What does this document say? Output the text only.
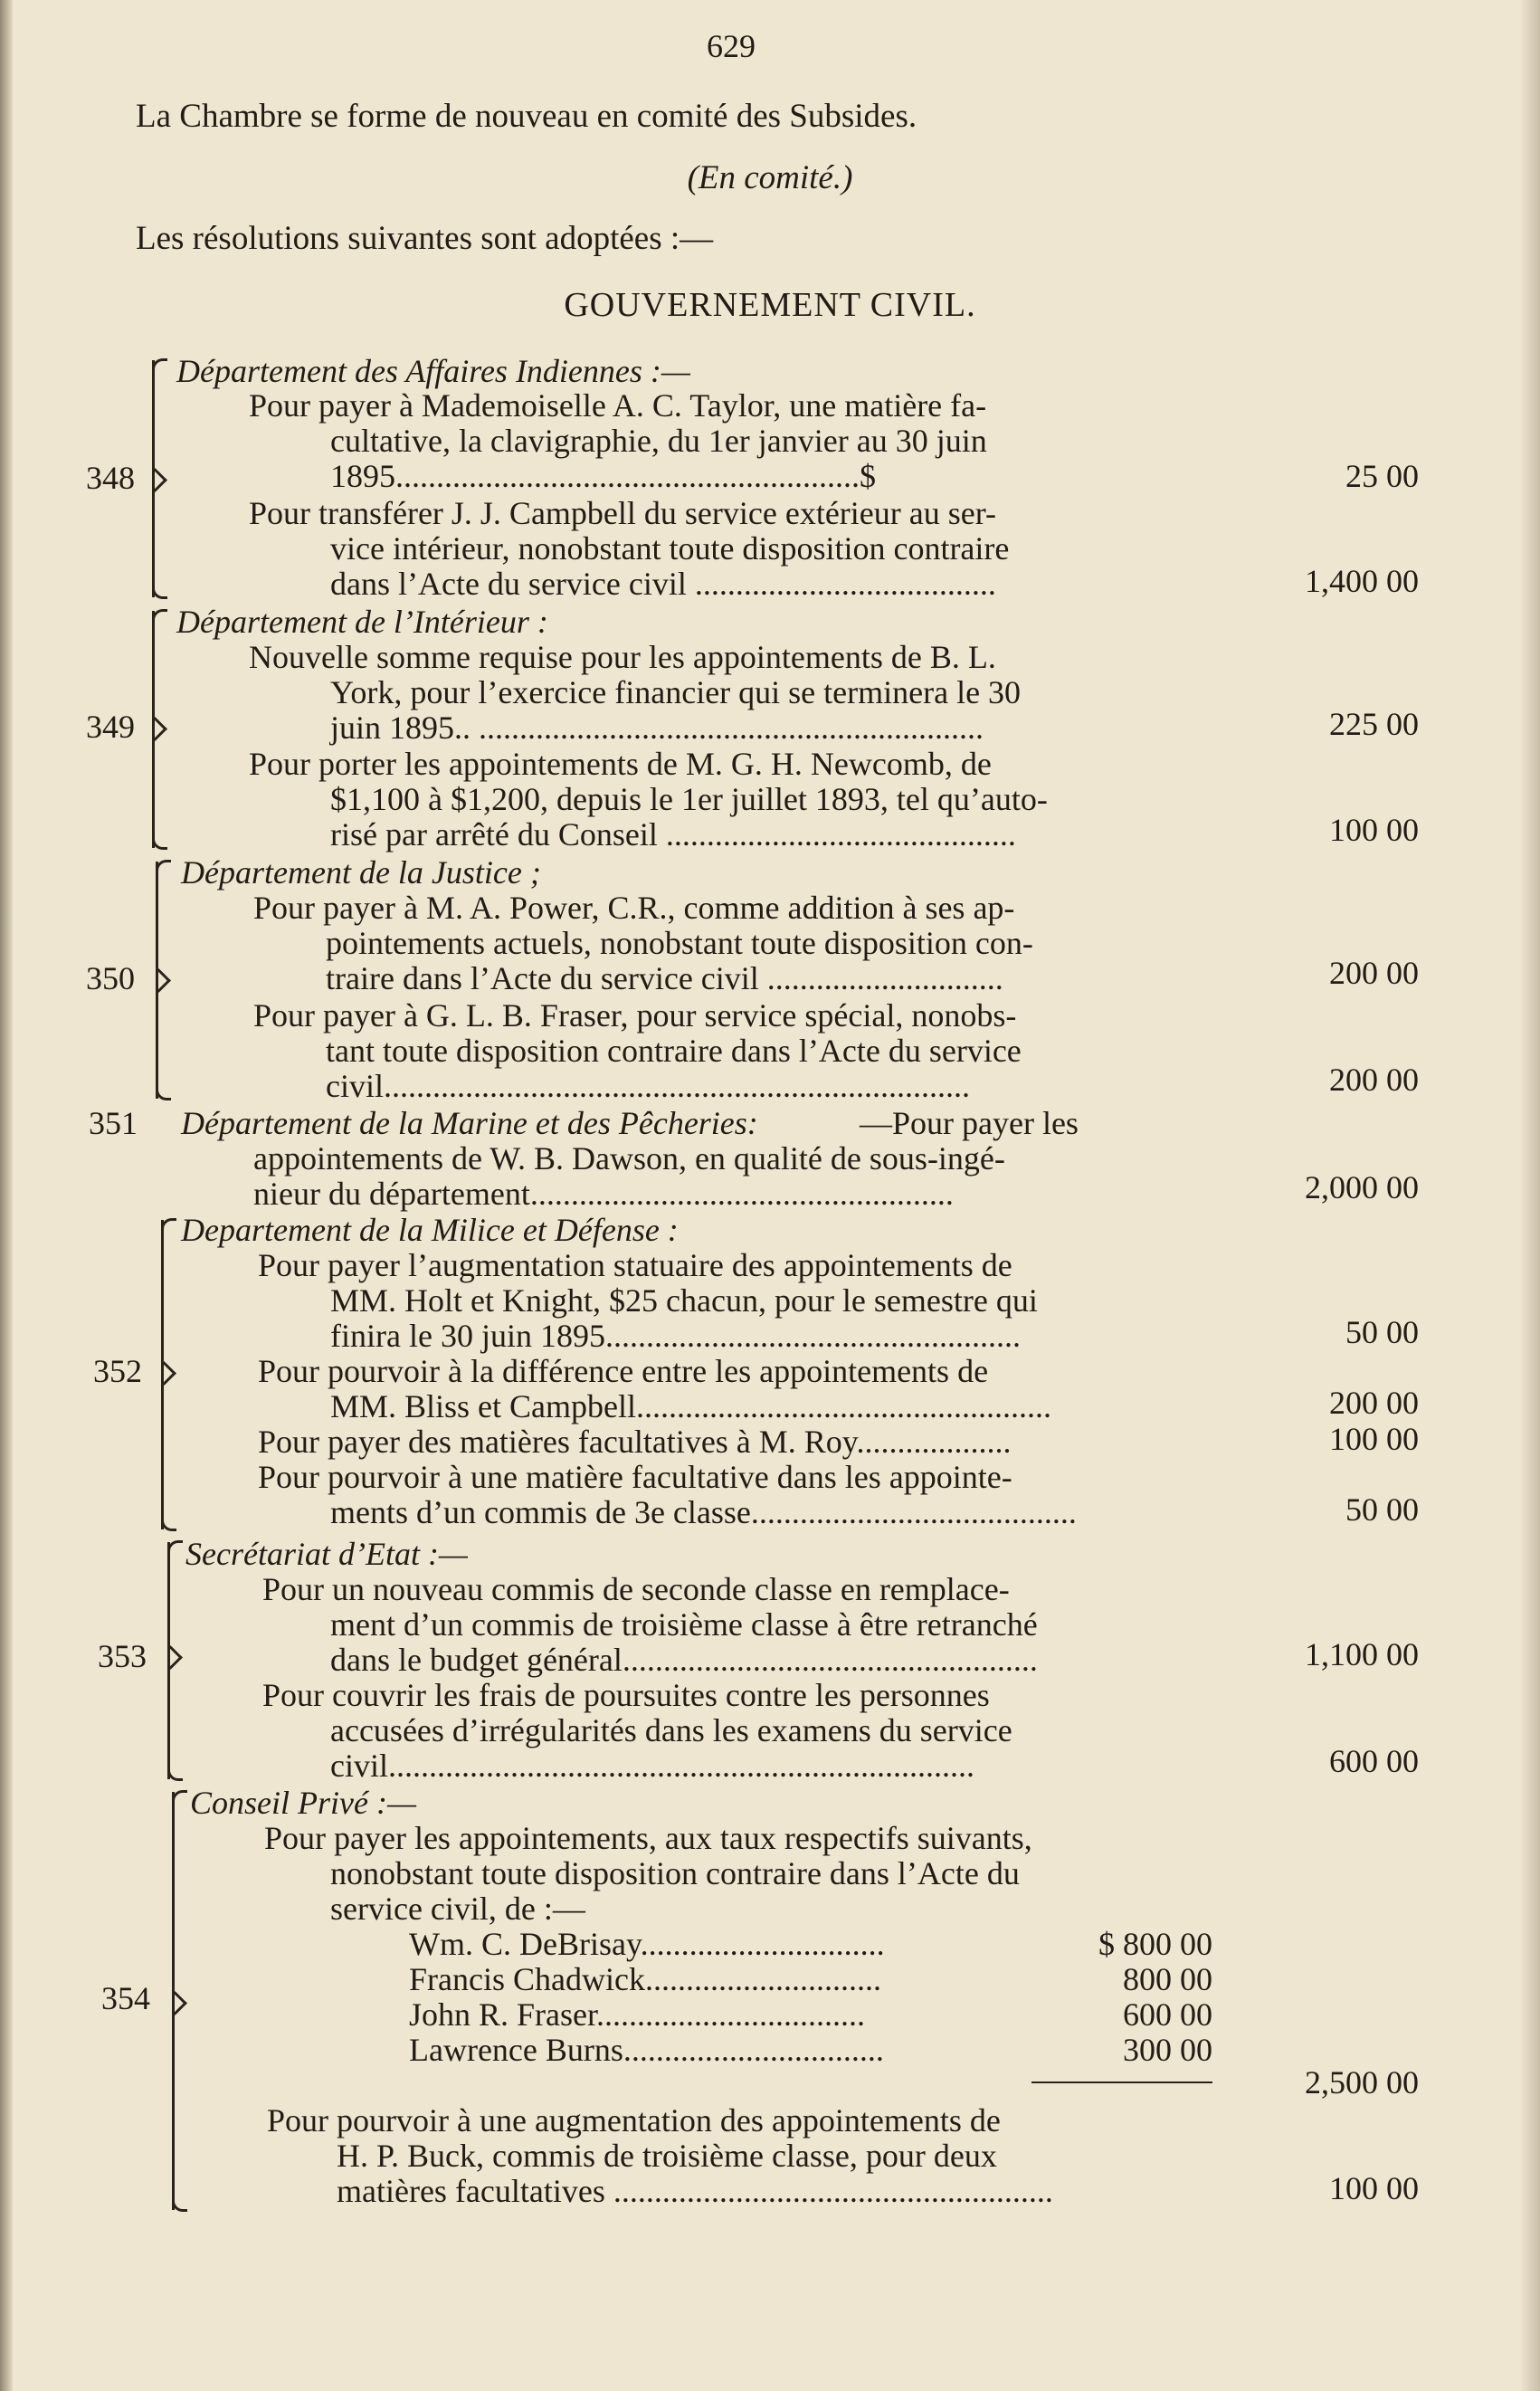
629
La Chambre se forme de nouveau en comité des Subsides.
(En comité.)
Les résolutions suivantes sont adoptées :—
GOUVERNEMENT CIVIL.
348
Département des Affaires Indiennes :—
Pour payer à Mademoiselle A. C. Taylor, une matière fa-
cultative, la clavigraphie, du 1er janvier au 30 juin
1895.........................................................$	25 00
Pour transférer J. J. Campbell du service extérieur au ser-
vice intérieur, nonobstant toute disposition contraire
dans l’Acte du service civil .....................................	1,400 00
349
Département de l’Intérieur :
Nouvelle somme requise pour les appointements de B. L.
York, pour l’exercice financier qui se terminera le 30
juin 1895.. ..............................................................	225 00
Pour porter les appointements de M. G. H. Newcomb, de
$1,100 à $1,200, depuis le 1er juillet 1893, tel qu’auto-
risé par arrêté du Conseil ...........................................	100 00
350
Département de la Justice ;
Pour payer à M. A. Power, C.R., comme addition à ses ap-
pointements actuels, nonobstant toute disposition con-
traire dans l’Acte du service civil .............................	200 00
Pour payer à G. L. B. Fraser, pour service spécial, nonobs-
tant toute disposition contraire dans l’Acte du service
civil........................................................................	200 00
351 Département de la Marine et des Pêcheries:	—Pour payer les
appointements de W. B. Dawson, en qualité de sous-ingé-
nieur du département....................................................	2,000 00
352
Departement de la Milice et Défense :
Pour payer l’augmentation statuaire des appointements de
MM. Holt et Knight, $25 chacun, pour le semestre qui
finira le 30 juin 1895...................................................	50 00
Pour pourvoir à la différence entre les appointements de
MM. Bliss et Campbell...................................................	200 00
Pour payer des matières facultatives à M. Roy...................	100 00
Pour pourvoir à une matière facultative dans les appointe-
ments d’un commis de 3e classe........................................	50 00
353
Secrétariat d’Etat :—
Pour un nouveau commis de seconde classe en remplace-
ment d’un commis de troisième classe à être retranché
dans le budget général...................................................	1,100 00
Pour couvrir les frais de poursuites contre les personnes
accusées d’irrégularités dans les examens du service
civil........................................................................	600 00
354
Conseil Privé :—
Pour payer les appointements, aux taux respectifs suivants,
nonobstant toute disposition contraire dans l’Acte du
service civil, de :—
Wm. C. DeBrisay..............................	$ 800 00
Francis Chadwick.............................	800 00
John R. Fraser.................................	600 00
Lawrence Burns................................	300 00
2,500 00
Pour pourvoir à une augmentation des appointements de
H. P. Buck, commis de troisième classe, pour deux
matières facultatives ......................................................	100 00
